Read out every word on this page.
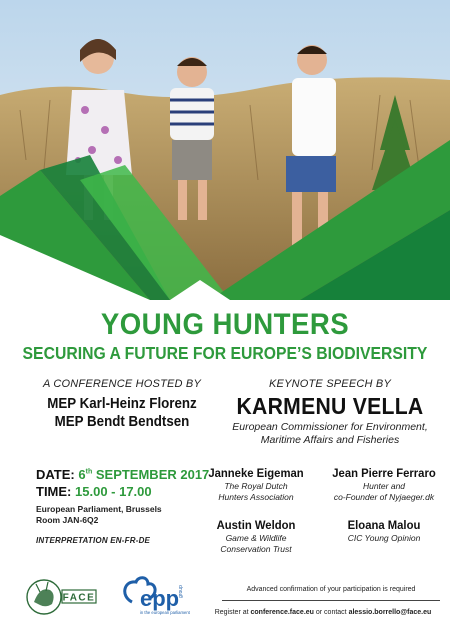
YOUNG HUNTERS
SECURING A FUTURE FOR EUROPE’S BIODIVERSITY
A CONFERENCE HOSTED BY
MEP Karl-Heinz Florenz
MEP Bendt Bendtsen
KEYNOTE SPEECH BY
KARMENU VELLA
European Commissioner for Environment,
Maritime Affairs and Fisheries
DATE: 6th SEPTEMBER 2017
TIME: 15.00 - 17.00
European Parliament, Brussels
Room JAN-6Q2
INTERPRETATION EN-FR-DE
Janneke Eigeman
The Royal Dutch
Hunters Association
Jean Pierre Ferraro
Hunter and
co-Founder of Nyjaeger.dk
Austin Weldon
Game & Wildlife
Conservation Trust
Eloana Malou
CIC Young Opinion
FACE epp
group
in the european parliament
Advanced confirmation of your participation is required
Register at conference.face.eu or contact alessio.borrello@face.eu
